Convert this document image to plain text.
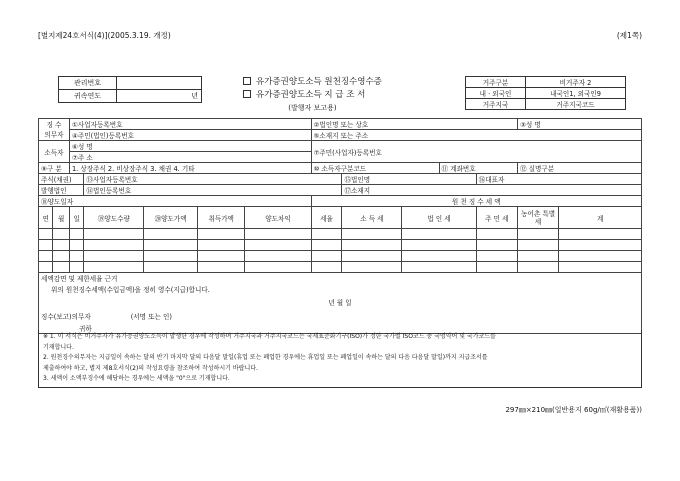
[별지제24호서식(4)](2005.3.19. 개정)	(제1쪽)
관리번호	
귀속연도	년
유가증권양도소득 원천징수영수증
유가증권양도소득 지 급 조 서
(발행자 보고용)
거주구분	비거주자 2
내 · 외국인	내국인1, 외국인9
거주지국	거주지국코드
징 수
의무자		①사업자등록번호					②법인명 또는 상호					③성 명	
		④주민(법인)등록번호					⑤소재지 또는 주소						
소득자		⑥성 명					⑦주민(사업자)등록번호						
		⑦주 소											
⑨구 분		1. 상장주식 2. 비상장주식 3. 채권 4. 기타					⑩ 소득자구분코드			⑪ 계좌번호		⑫ 실명구분	
주식(채권)			⑬사업자등록번호					⑮법인명			⑯대표자		
발행법인			⑭법인등록번호					⑰소재지					
⑱양도일자							원 천 징 수 세 액						
연	월	일	⑲양도수량	⑳양도가액	취득가액	양도차익	세율	소 득 세	법 인 세		주 민 세	농어촌 특별세	계

세액감면 및 제한세율 근거													
위의 원천징수세액(수입금액)을 정히 영수(지급)합니다.													
년 월 일													
징수(보고)의무자 (서명 또는 인)													
귀하													
※ 1. 이 서식은 비거주자가 유가증권양도소득이 발생한 경우에 작성하며 거주지국과 거주지국코드는 국제표준화기구(ISO)가 정한 국가별 ISO코드 중 국명약어 및 국가코드를
기재합니다.
2. 원천징수의무자는 지급일이 속하는 달의 반기 마지막 달의 다음달 말일(휴업 또는 폐업한 경우에는 휴업일 또는 폐업일이 속하는 달의 다음 다음달 말일)까지 지급조서를
제출하여야 하고, 별지 제8호서식(2)의 작성요령을 참조하여 작성하시기 바랍니다.
3. 세액이 소액부징수에 해당하는 경우에는 세액을 "0"으로 기재합니다.
297㎜×210㎜(일반용지 60g/㎡(재활용품))
